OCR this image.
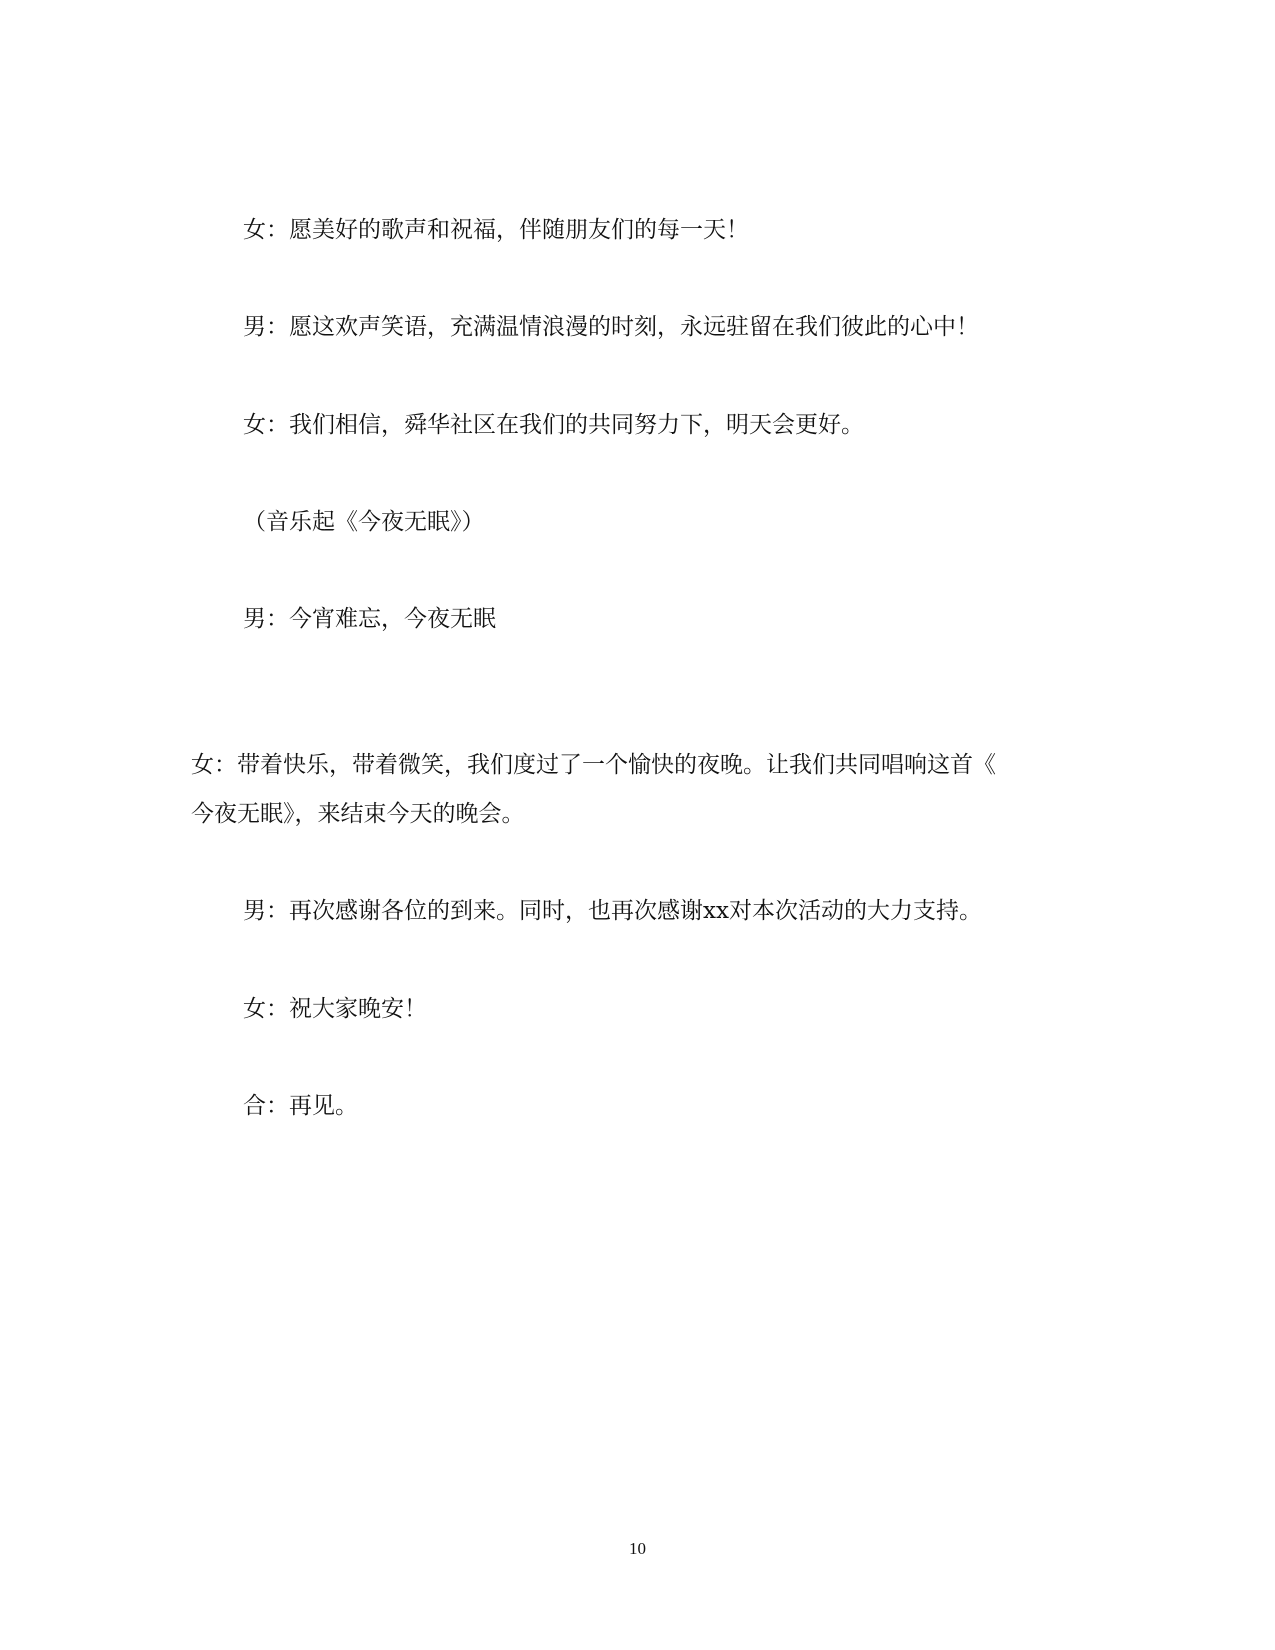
女：愿美好的歌声和祝福，伴随朋友们的每一天！
男：愿这欢声笑语，充满温情浪漫的时刻，永远驻留在我们彼此的心中！
女：我们相信，舜华社区在我们的共同努力下，明天会更好。
（音乐起《今夜无眠》）
男：今宵难忘，今夜无眠
女：带着快乐，带着微笑，我们度过了一个愉快的夜晚。让我们共同唱响这首《
今夜无眠》，来结束今天的晚会。
男：再次感谢各位的到来。同时，也再次感谢xx对本次活动的大力支持。
女：祝大家晚安！
合：再见。
10
